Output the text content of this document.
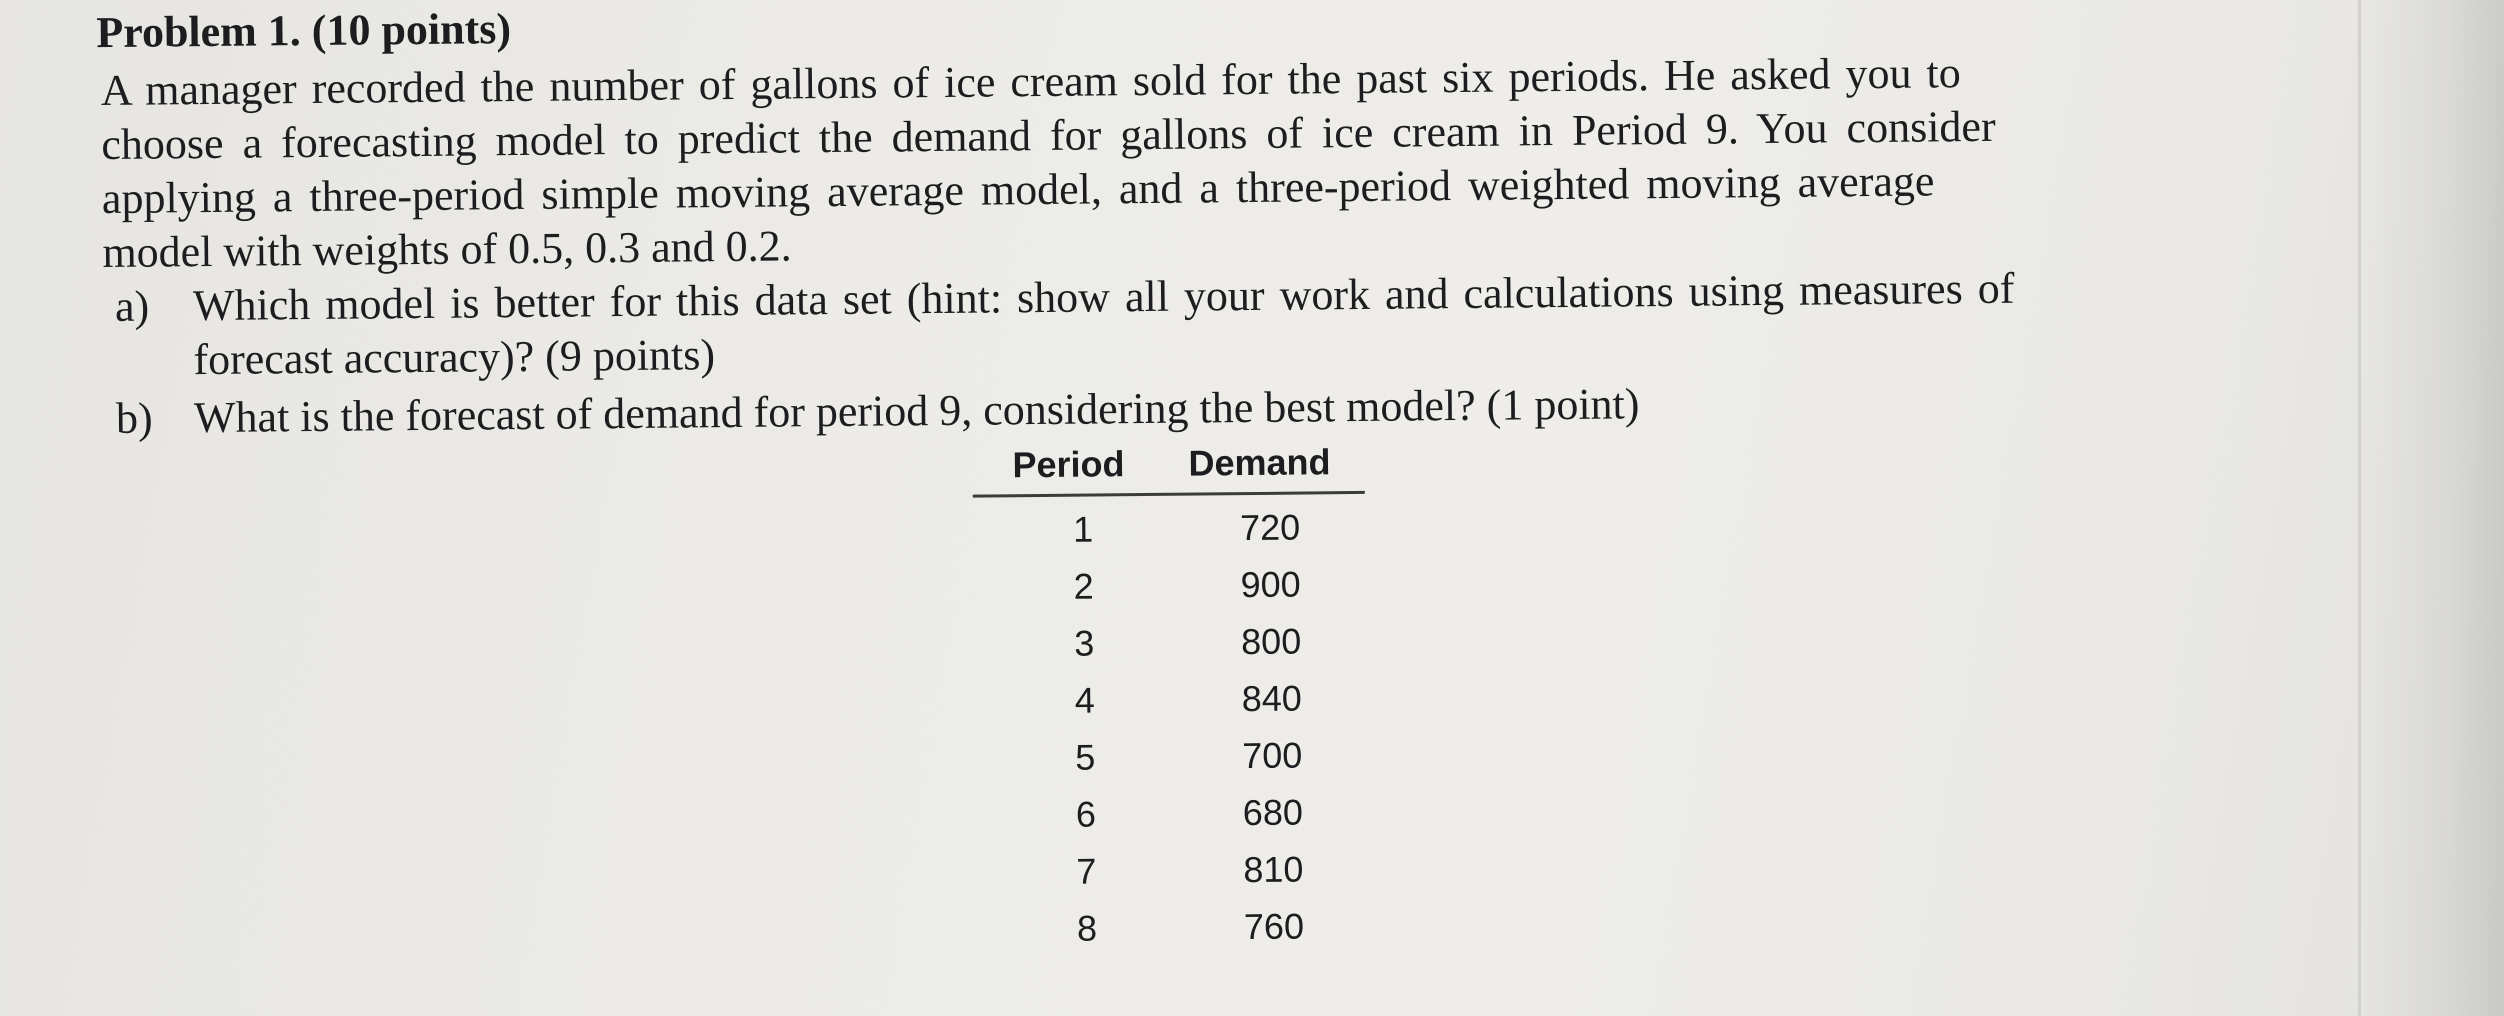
Problem 1. (10 points)
A manager recorded the number of gallons of ice cream sold for the past six periods. He asked you to
choose a forecasting model to predict the demand for gallons of ice cream in Period 9. You consider
applying a three-period simple moving average model, and a three-period weighted moving average
model with weights of 0.5, 0.3 and 0.2.
a) Which model is better for this data set (hint: show all your work and calculations using measures of
forecast accuracy)? (9 points)
b) What is the forecast of demand for period 9, considering the best model? (1 point)
Period Demand
1	720
2	900
3	800
4	840
5	700
6	680
7	810
8	760
